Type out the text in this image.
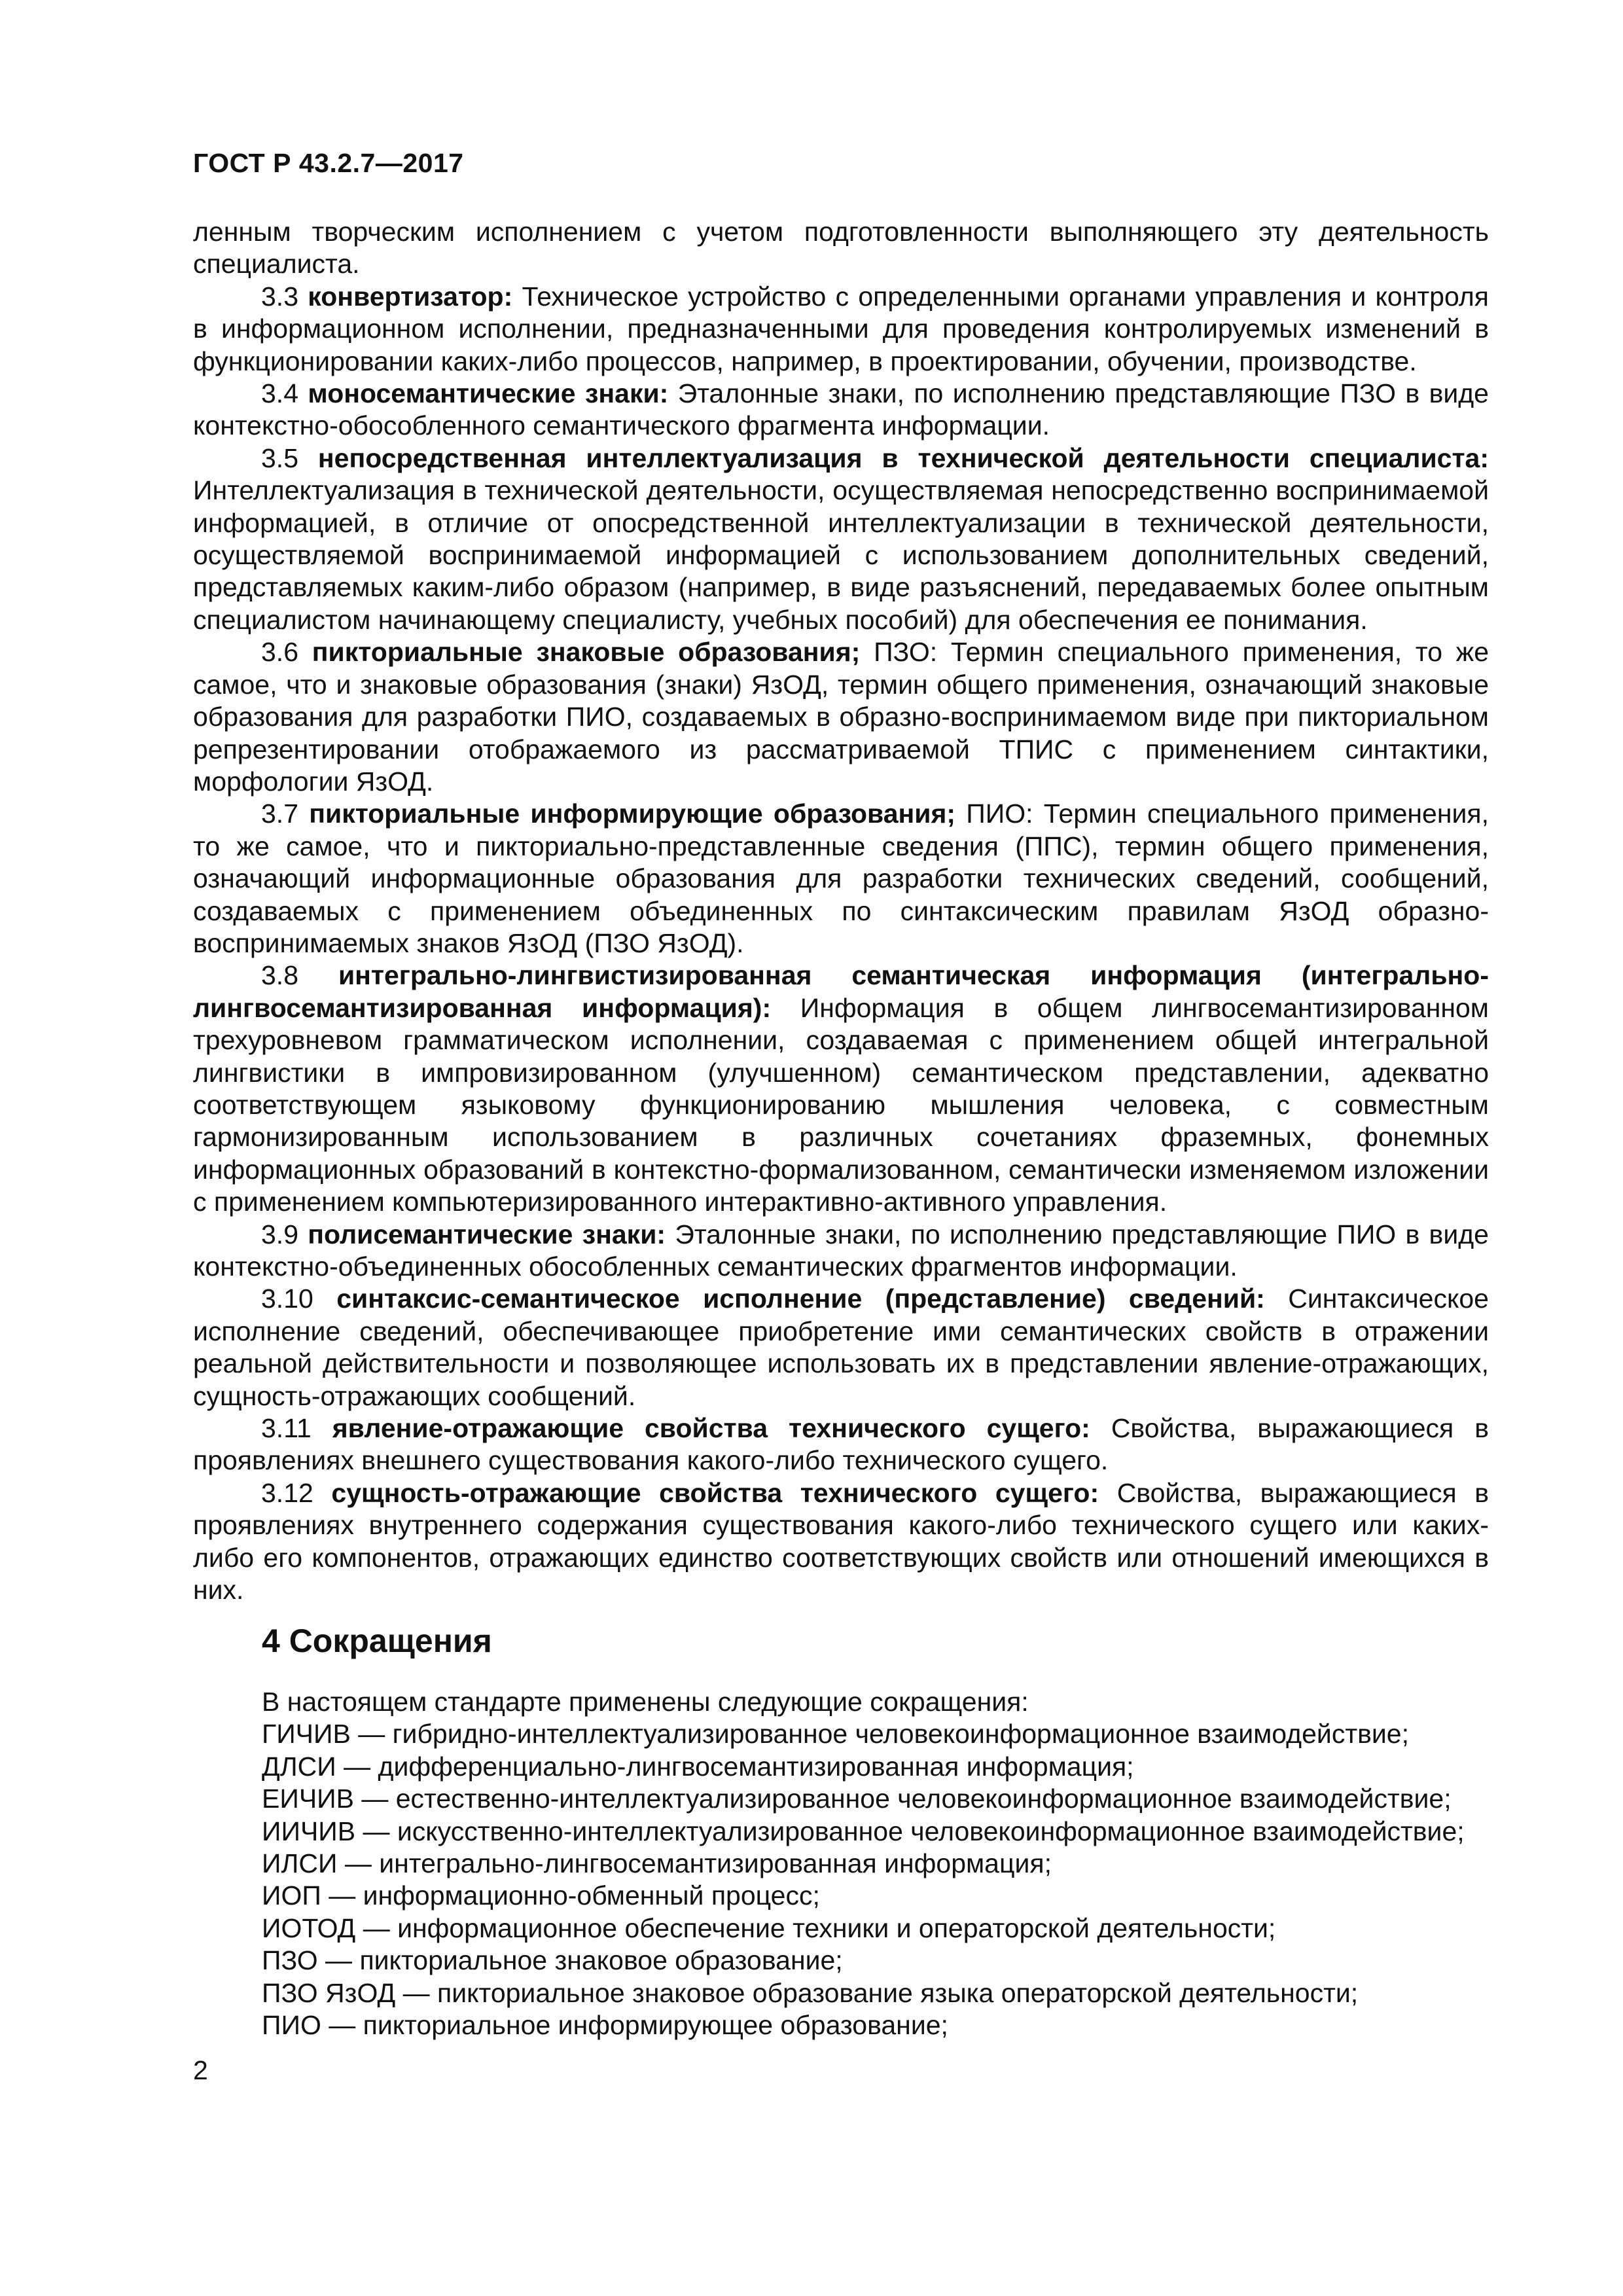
ГОСТ Р 43.2.7—2017

ленным творческим исполнением с учетом подготовленности выполняющего эту деятельность специалиста.

3.3 конвертизатор: Техническое устройство с определенными органами управления и контроля в информационном исполнении, предназначенными для проведения контролируемых изменений в функционировании каких-либо процессов, например, в проектировании, обучении, производстве.

3.4 моносемантические знаки: Эталонные знаки, по исполнению представляющие ПЗО в виде контекстно-обособленного семантического фрагмента информации.

3.5 непосредственная интеллектуализация в технической деятельности специалиста: Интеллектуализация в технической деятельности, осуществляемая непосредственно воспринимаемой информацией, в отличие от опосредственной интеллектуализации в технической деятельности, осуществляемой воспринимаемой информацией с использованием дополнительных сведений, представляемых каким-либо образом (например, в виде разъяснений, передаваемых более опытным специалистом начинающему специалисту, учебных пособий) для обеспечения ее понимания.

3.6 пикториальные знаковые образования; ПЗО: Термин специального применения, то же самое, что и знаковые образования (знаки) ЯзОД, термин общего применения, означающий знаковые образования для разработки ПИО, создаваемых в образно-воспринимаемом виде при пикториальном репрезентировании отображаемого из рассматриваемой ТПИС с применением синтактики, морфологии ЯзОД.

3.7 пикториальные информирующие образования; ПИО: Термин специального применения, то же самое, что и пикториально-представленные сведения (ППС), термин общего применения, означающий информационные образования для разработки технических сведений, сообщений, создаваемых с применением объединенных по синтаксическим правилам ЯзОД образно-воспринимаемых знаков ЯзОД (ПЗО ЯзОД).

3.8 интегрально-лингвистизированная семантическая информация (интегрально-лингвосемантизированная информация): Информация в общем лингвосемантизированном трехуровневом грамматическом исполнении, создаваемая с применением общей интегральной лингвистики в импровизированном (улучшенном) семантическом представлении, адекватно соответствующем языковому функционированию мышления человека, с совместным гармонизированным использованием в различных сочетаниях фраземных, фонемных информационных образований в контекстно-формализованном, семантически изменяемом изложении с применением компьютеризированного интерактивно-активного управления.

3.9 полисемантические знаки: Эталонные знаки, по исполнению представляющие ПИО в виде контекстно-объединенных обособленных семантических фрагментов информации.

3.10 синтаксис-семантическое исполнение (представление) сведений: Синтаксическое исполнение сведений, обеспечивающее приобретение ими семантических свойств в отражении реальной действительности и позволяющее использовать их в представлении явление-отражающих, сущность-отражающих сообщений.

3.11 явление-отражающие свойства технического сущего: Свойства, выражающиеся в проявлениях внешнего существования какого-либо технического сущего.

3.12 сущность-отражающие свойства технического сущего: Свойства, выражающиеся в проявлениях внутреннего содержания существования какого-либо технического сущего или каких-либо его компонентов, отражающих единство соответствующих свойств или отношений имеющихся в них.

4 Сокращения
В настоящем стандарте применены следующие сокращения:
ГИЧИВ — гибридно-интеллектуализированное человекоинформационное взаимодействие;
ДЛСИ — дифференциально-лингвосемантизированная информация;
ЕИЧИВ — естественно-интеллектуализированное человекоинформационное взаимодействие;
ИИЧИВ — искусственно-интеллектуализированное человекоинформационное взаимодействие;
ИЛСИ — интегрально-лингвосемантизированная информация;
ИОП — информационно-обменный процесс;
ИОТОД — информационное обеспечение техники и операторской деятельности;
ПЗО — пикториальное знаковое образование;
ПЗО ЯзОД — пикториальное знаковое образование языка операторской деятельности;
ПИО — пикториальное информирующее образование;
2
